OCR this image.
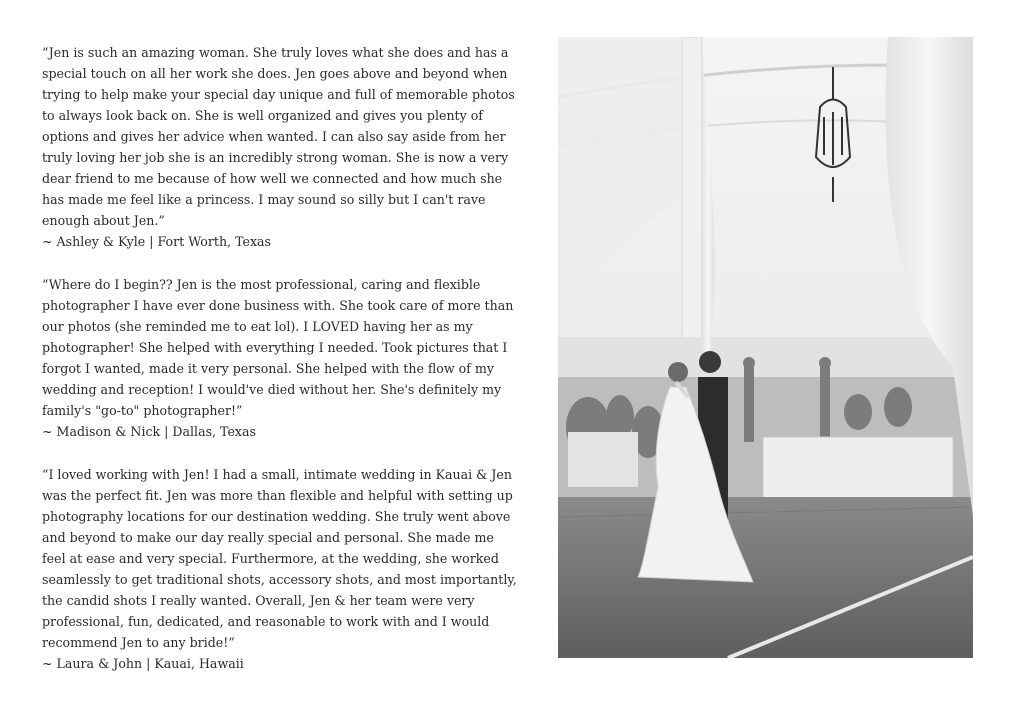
“Jen is such an amazing woman. She truly loves what she does and has a special touch on all her work she does. Jen goes above and beyond when trying to help make your special day unique and full of memorable photos to always look back on. She is well organized and gives you plenty of options and gives her advice when wanted. I can also say aside from her truly loving her job she is an incredibly strong woman. She is now a very dear friend to me because of how well we connected and how much she has made me feel like a princess. I may sound so silly but I can't rave enough about Jen.”

~ Ashley & Kyle | Fort Worth, Texas

“Where do I begin?? Jen is the most professional, caring and flexible photographer I have ever done business with. She took care of more than our photos (she reminded me to eat lol). I LOVED having her as my photographer! She helped with everything I needed. Took pictures that I forgot I wanted, made it very personal. She helped with the flow of my wedding and reception! I would've died without her. She's definitely my family's "go-to" photographer!”

~ Madison & Nick | Dallas, Texas

“I loved working with Jen! I had a small, intimate wedding in Kauai & Jen was the perfect fit. Jen was more than flexible and helpful with setting up photography locations for our destination wedding. She truly went above and beyond to make our day really special and personal. She made me feel at ease and very special. Furthermore, at the wedding, she worked seamlessly to get traditional shots, accessory shots, and most importantly, the candid shots I really wanted. Overall, Jen & her team were very professional, fun, dedicated, and reasonable to work with and I would recommend Jen to any bride!”

~ Laura & John | Kauai, Hawaii
